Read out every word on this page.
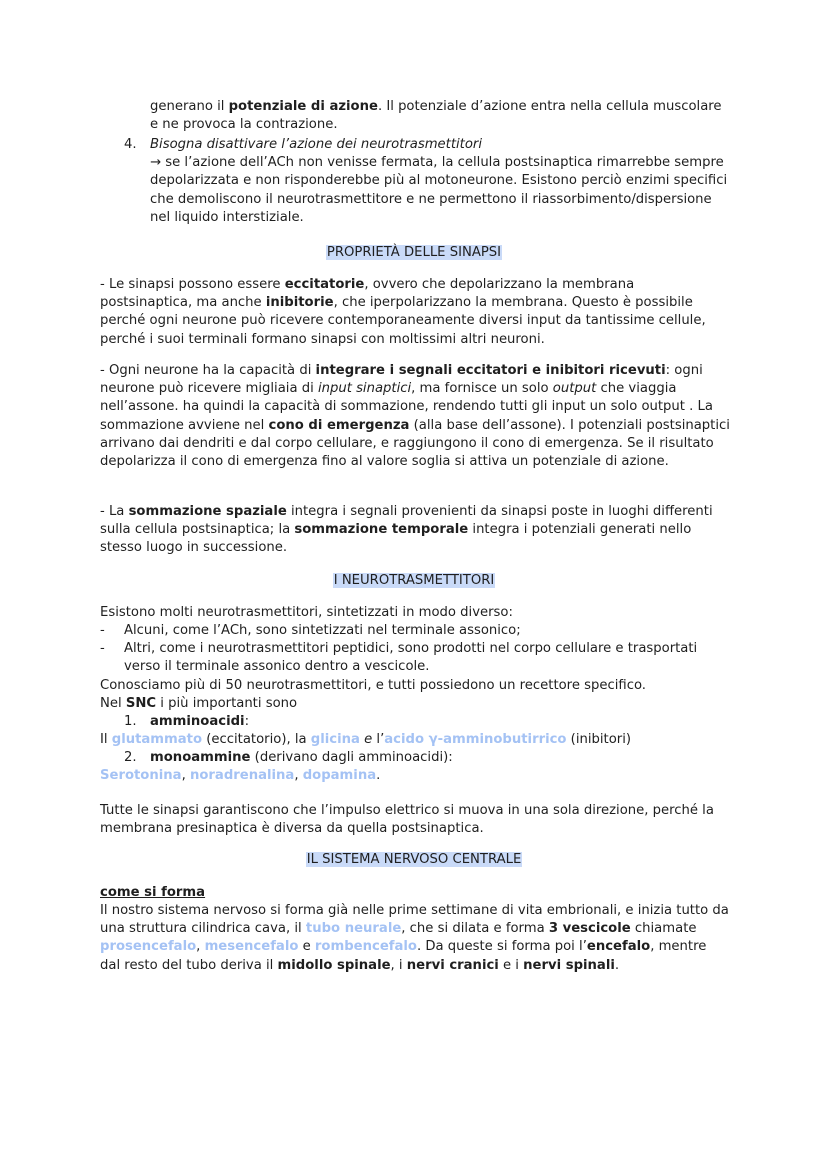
generano il potenziale di azione. Il potenziale d’azione entra nella cellula muscolare e ne provoca la contrazione.

4. Bisogna disattivare l’azione dei neurotrasmettitori
→ se l’azione dell’ACh non venisse fermata, la cellula postsinaptica rimarrebbe sempre depolarizzata e non risponderebbe più al motoneurone. Esistono perciò enzimi specifici che demoliscono il neurotrasmettitore e ne permettono il riassorbimento/dispersione nel liquido interstiziale.

PROPRIETÀ DELLE SINAPSI

- Le sinapsi possono essere eccitatorie, ovvero che depolarizzano la membrana postsinaptica, ma anche inibitorie, che iperpolarizzano la membrana. Questo è possibile perché ogni neurone può ricevere contemporaneamente diversi input da tantissime cellule, perché i suoi terminali formano sinapsi con moltissimi altri neuroni.

- Ogni neurone ha la capacità di integrare i segnali eccitatori e inibitori ricevuti: ogni neurone può ricevere migliaia di input sinaptici, ma fornisce un solo output che viaggia nell’assone. ha quindi la capacità di sommazione, rendendo tutti gli input un solo output . La sommazione avviene nel cono di emergenza (alla base dell’assone). I potenziali postsinaptici arrivano dai dendriti e dal corpo cellulare, e raggiungono il cono di emergenza. Se il risultato depolarizza il cono di emergenza fino al valore soglia si attiva un potenziale di azione.

- La sommazione spaziale integra i segnali provenienti da sinapsi poste in luoghi differenti sulla cellula postsinaptica; la sommazione temporale integra i potenziali generati nello stesso luogo in successione.

I NEUROTRASMETTITORI

Esistono molti neurotrasmettitori, sintetizzati in modo diverso:

- Alcuni, come l’ACh, sono sintetizzati nel terminale assonico;

- Altri, come i neurotrasmettitori peptidici, sono prodotti nel corpo cellulare e trasportati verso il terminale assonico dentro a vescicole.

Conosciamo più di 50 neurotrasmettitori, e tutti possiedono un recettore specifico.

Nel SNC i più importanti sono

1. amminoacidi:

Il glutammato (eccitatorio), la glicina e l’acido γ-amminobutirrico (inibitori)

2. monoammine (derivano dagli amminoacidi):

Serotonina, noradrenalina, dopamina.

Tutte le sinapsi garantiscono che l’impulso elettrico si muova in una sola direzione, perché la membrana presinaptica è diversa da quella postsinaptica.

IL SISTEMA NERVOSO CENTRALE

come si forma

Il nostro sistema nervoso si forma già nelle prime settimane di vita embrionali, e inizia tutto da una struttura cilindrica cava, il tubo neurale, che si dilata e forma 3 vescicole chiamate prosencefalo, mesencefalo e rombencefalo. Da queste si forma poi l’encefalo, mentre dal resto del tubo deriva il midollo spinale, i nervi cranici e i nervi spinali.
